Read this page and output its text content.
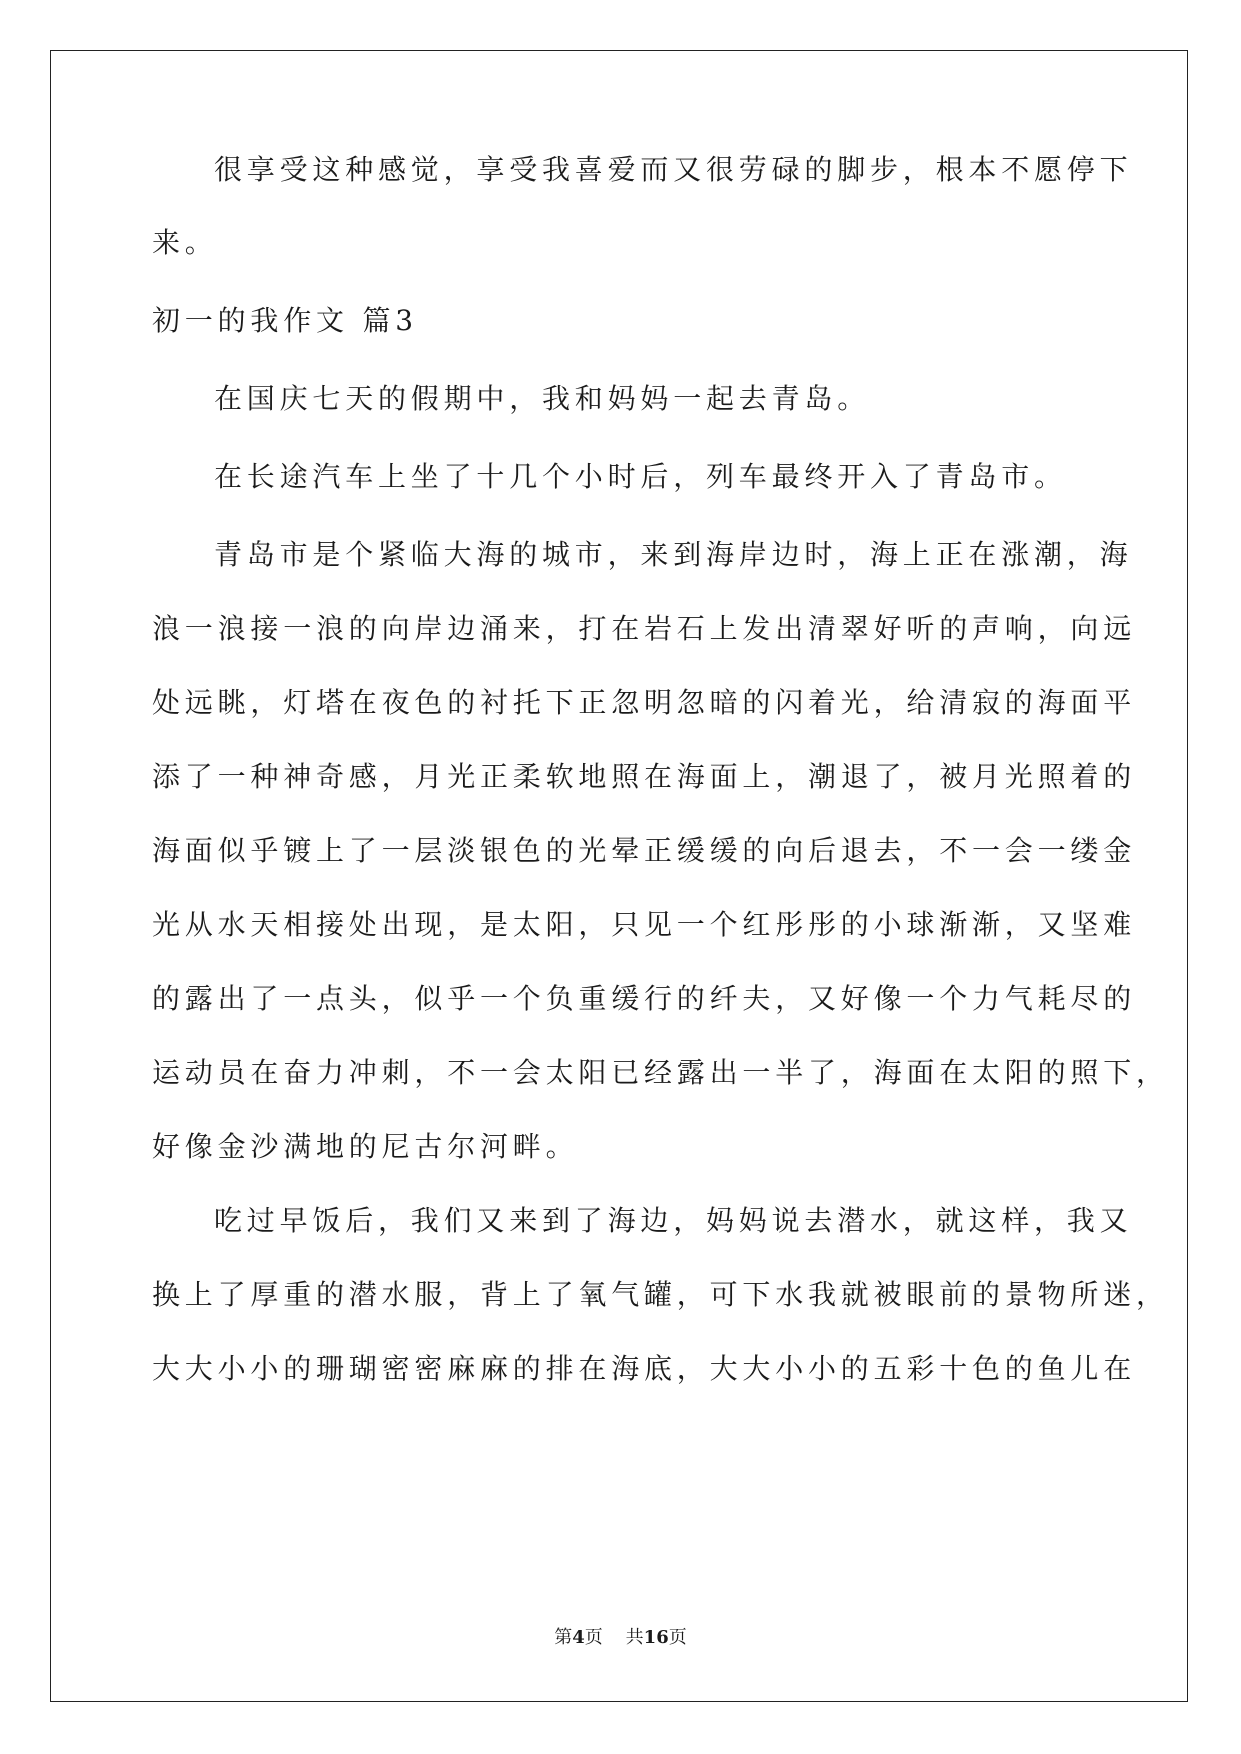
很享受这种感觉，享受我喜爱而又很劳碌的脚步，根本不愿停下
来。
初一的我作文 篇3
在国庆七天的假期中，我和妈妈一起去青岛。
在长途汽车上坐了十几个小时后，列车最终开入了青岛市。
青岛市是个紧临大海的城市，来到海岸边时，海上正在涨潮，海
浪一浪接一浪的向岸边涌来，打在岩石上发出清翠好听的声响，向远
处远眺，灯塔在夜色的衬托下正忽明忽暗的闪着光，给清寂的海面平
添了一种神奇感，月光正柔软地照在海面上，潮退了，被月光照着的
海面似乎镀上了一层淡银色的光晕正缓缓的向后退去，不一会一缕金
光从水天相接处出现，是太阳，只见一个红彤彤的小球渐渐，又坚难
的露出了一点头，似乎一个负重缓行的纤夫，又好像一个力气耗尽的
运动员在奋力冲刺，不一会太阳已经露出一半了，海面在太阳的照下，
好像金沙满地的尼古尔河畔。
吃过早饭后，我们又来到了海边，妈妈说去潜水，就这样，我又
换上了厚重的潜水服，背上了氧气罐，可下水我就被眼前的景物所迷，
大大小小的珊瑚密密麻麻的排在海底，大大小小的五彩十色的鱼儿在
第4页 共16页
